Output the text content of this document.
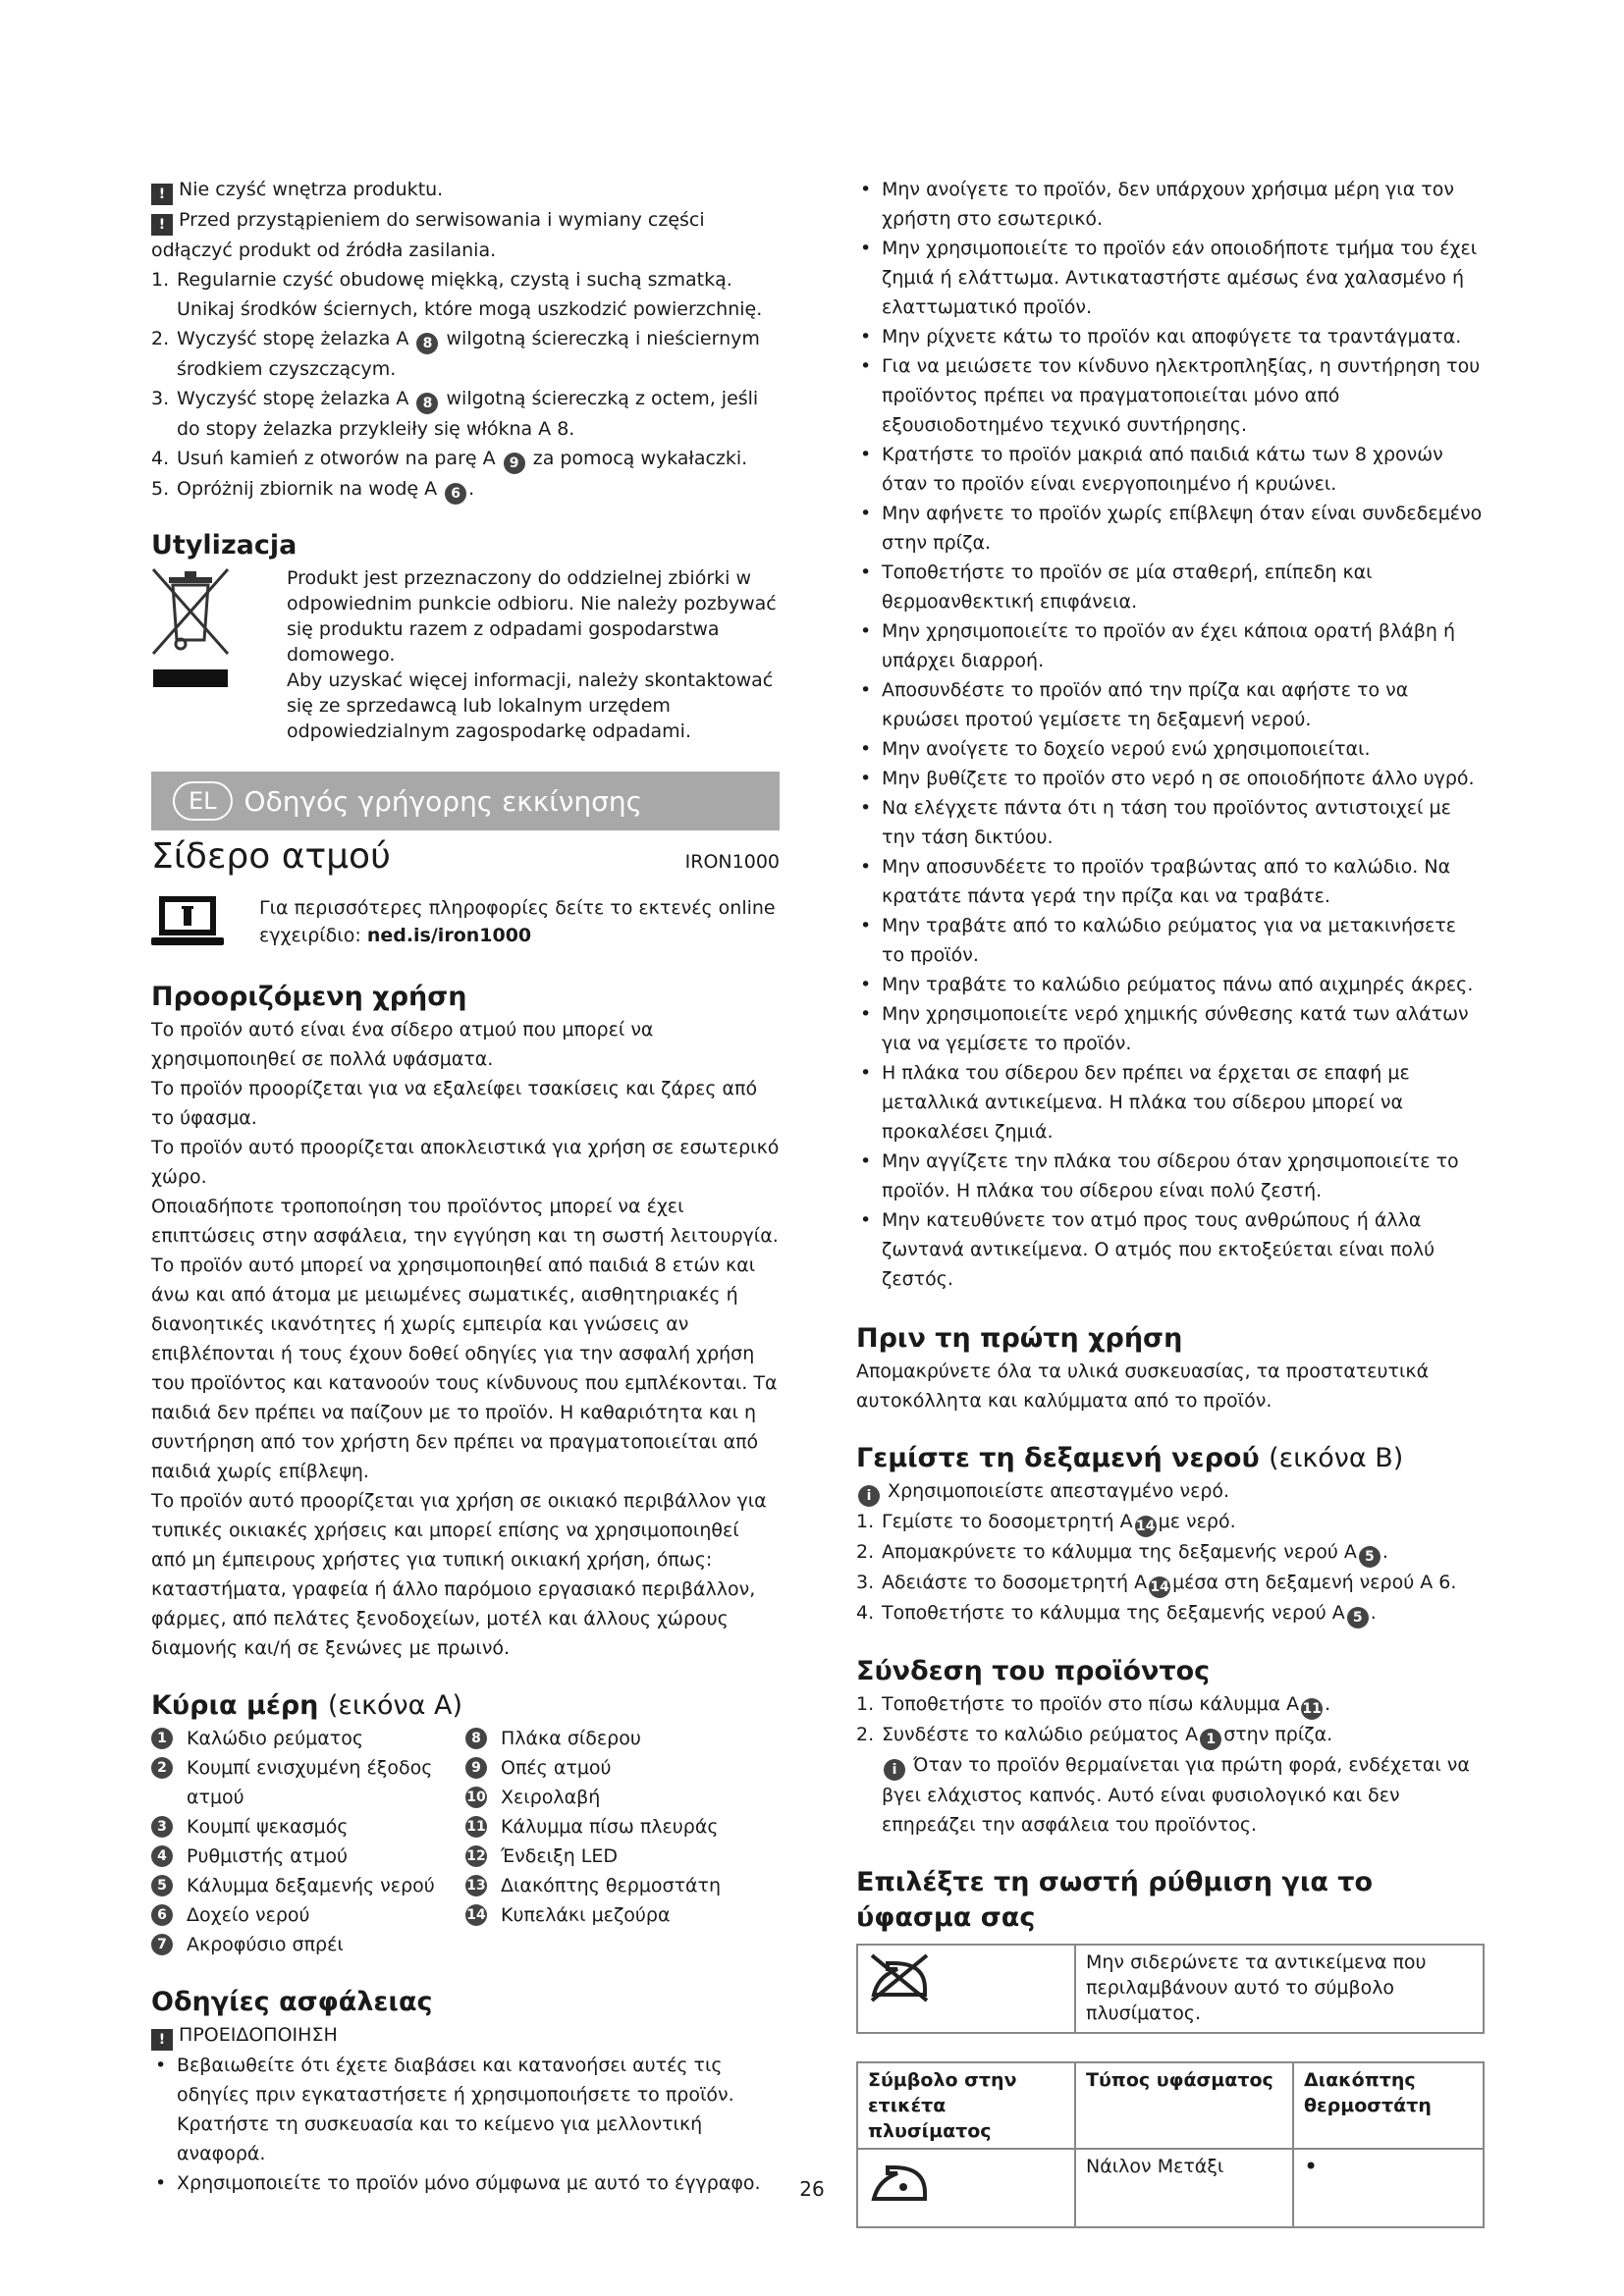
! Nie czyść wnętrza produktu.

! Przed przystąpieniem do serwisowania i wymiany części odłączyć produkt od źródła zasilania.

1. Regularnie czyść obudowę miękką, czystą i suchą szmatką. Unikaj środków ściernych, które mogą uszkodzić powierzchnię.
2. Wyczyść stopę żelazka A 8 wilgotną ściereczką i nieściernym środkiem czyszczącym.
3. Wyczyść stopę żelazka A 8 wilgotną ściereczką z octem, jeśli do stopy żelazka przykleiły się włókna A 8.
4. Usuń kamień z otworów na parę A 9 za pomocą wykałaczki.
5. Opróżnij zbiornik na wodę A 6 .
Utylizacja

Produkt jest przeznaczony do oddzielnej zbiórki w odpowiednim punkcie odbioru. Nie należy pozbywać się produktu razem z odpadami gospodarstwa domowego.

Aby uzyskać więcej informacji, należy skontaktować się ze sprzedawcą lub lokalnym urzędem odpowiedzialnym zagospodarkę odpadami.

EL	Οδηγός γρήγορης εκκίνησης
Σίδερο ατμού	IRON1000

Για περισσότερες πληροφορίες δείτε το εκτενές online εγχειρίδιο: ned.is/iron1000

Προοριζόμενη χρήση

Το προϊόν αυτό είναι ένα σίδερο ατμού που μπορεί να χρησιμοποιηθεί σε πολλά υφάσματα.

Το προϊόν προορίζεται για να εξαλείφει τσακίσεις και ζάρες από το ύφασμα.

Το προϊόν αυτό προορίζεται αποκλειστικά για χρήση σε εσωτερικό χώρο.

Οποιαδήποτε τροποποίηση του προϊόντος μπορεί να έχει επιπτώσεις στην ασφάλεια, την εγγύηση και τη σωστή λειτουργία.

Το προϊόν αυτό μπορεί να χρησιμοποιηθεί από παιδιά 8 ετών και άνω και από άτομα με μειωμένες σωματικές, αισθητηριακές ή διανοητικές ικανότητες ή χωρίς εμπειρία και γνώσεις αν επιβλέπονται ή τους έχουν δοθεί οδηγίες για την ασφαλή χρήση του προϊόντος και κατανοούν τους κίνδυνους που εμπλέκονται. Τα παιδιά δεν πρέπει να παίζουν με το προϊόν. Η καθαριότητα και η συντήρηση από τον χρήστη δεν πρέπει να πραγματοποιείται από παιδιά χωρίς επίβλεψη.

Το προϊόν αυτό προορίζεται για χρήση σε οικιακό περιβάλλον για τυπικές οικιακές χρήσεις και μπορεί επίσης να χρησιμοποιηθεί από μη έμπειρους χρήστες για τυπική οικιακή χρήση, όπως: καταστήματα, γραφεία ή άλλο παρόμοιο εργασιακό περιβάλλον, φάρμες, από πελάτες ξενοδοχείων, μοτέλ και άλλους χώρους διαμονής και/ή σε ξενώνες με πρωινό.

Κύρια μέρη (εικόνα A)
1	Καλώδιο ρεύματος
2	Κουμπί ενισχυμένη έξοδος ατμού
3	Κουμπί ψεκασμός
4	Ρυθμιστής ατμού
5	Κάλυμμα δεξαμενής νερού
6	Δοχείο νερού
7	Ακροφύσιο σπρέι
8	Πλάκα σίδερου
9	Οπές ατμού
10 Χειρολαβή
11 Κάλυμμα πίσω πλευράς
12 Ένδειξη LED
13 Διακόπτης θερμοστάτη
14 Κυπελάκι μεζούρα
Οδηγίες ασφάλειας

! ΠΡΟΕΙΔΟΠΟΙΗΣΗ

• Βεβαιωθείτε ότι έχετε διαβάσει και κατανοήσει αυτές τις οδηγίες πριν εγκαταστήσετε ή χρησιμοποιήσετε το προϊόν. Κρατήστε τη συσκευασία και το κείμενο για μελλοντική αναφορά.
• Χρησιμοποιείτε το προϊόν μόνο σύμφωνα με αυτό το έγγραφο.
• Μην ανοίγετε το προϊόν, δεν υπάρχουν χρήσιμα μέρη για τον χρήστη στο εσωτερικό.
• Μην χρησιμοποιείτε το προϊόν εάν οποιοδήποτε τμήμα του έχει ζημιά ή ελάττωμα. Αντικαταστήστε αμέσως ένα χαλασμένο ή ελαττωματικό προϊόν.
• Μην ρίχνετε κάτω το προϊόν και αποφύγετε τα τραντάγματα.
• Για να μειώσετε τον κίνδυνο ηλεκτροπληξίας, η συντήρηση του προϊόντος πρέπει να πραγματοποιείται μόνο από εξουσιοδοτημένο τεχνικό συντήρησης.
• Κρατήστε το προϊόν μακριά από παιδιά κάτω των 8 χρονών όταν το προϊόν είναι ενεργοποιημένο ή κρυώνει.
• Μην αφήνετε το προϊόν χωρίς επίβλεψη όταν είναι συνδεδεμένο στην πρίζα.
• Τοποθετήστε το προϊόν σε μία σταθερή, επίπεδη και θερμοανθεκτική επιφάνεια.
• Μην χρησιμοποιείτε το προϊόν αν έχει κάποια ορατή βλάβη ή υπάρχει διαρροή.
• Αποσυνδέστε το προϊόν από την πρίζα και αφήστε το να κρυώσει προτού γεμίσετε τη δεξαμενή νερού.
• Μην ανοίγετε το δοχείο νερού ενώ χρησιμοποιείται.
• Μην βυθίζετε το προϊόν στο νερό η σε οποιοδήποτε άλλο υγρό.
• Να ελέγχετε πάντα ότι η τάση του προϊόντος αντιστοιχεί με την τάση δικτύου.
• Μην αποσυνδέετε το προϊόν τραβώντας από το καλώδιο. Να κρατάτε πάντα γερά την πρίζα και να τραβάτε.
• Μην τραβάτε από το καλώδιο ρεύματος για να μετακινήσετε το προϊόν.
• Μην τραβάτε το καλώδιο ρεύματος πάνω από αιχμηρές άκρες.
• Μην χρησιμοποιείτε νερό χημικής σύνθεσης κατά των αλάτων για να γεμίσετε το προϊόν.
• Η πλάκα του σίδερου δεν πρέπει να έρχεται σε επαφή με μεταλλικά αντικείμενα. Η πλάκα του σίδερου μπορεί να προκαλέσει ζημιά.
• Μην αγγίζετε την πλάκα του σίδερου όταν χρησιμοποιείτε το προϊόν. Η πλάκα του σίδερου είναι πολύ ζεστή.
• Μην κατευθύνετε τον ατμό προς τους ανθρώπους ή άλλα ζωντανά αντικείμενα. Ο ατμός που εκτοξεύεται είναι πολύ ζεστός.
Πριν τη πρώτη χρήση

Απομακρύνετε όλα τα υλικά συσκευασίας, τα προστατευτικά αυτοκόλλητα και καλύμματα από το προϊόν.

Γεμίστε τη δεξαμενή νερού (εικόνα B)

i Χρησιμοποιείστε απεσταγμένο νερό.

1. Γεμίστε το δοσομετρητή A 14 με νερό.
2. Απομακρύνετε το κάλυμμα της δεξαμενής νερού A 5 .
3. Αδειάστε το δοσομετρητή A 14 μέσα στη δεξαμενή νερού A 6.
4. Τοποθετήστε το κάλυμμα της δεξαμενής νερού A 5 .
Σύνδεση του προϊόντος
1. Τοποθετήστε το προϊόν στο πίσω κάλυμμα A 11 .
2. Συνδέστε το καλώδιο ρεύματος A 1 στην πρίζα.

i Όταν το προϊόν θερμαίνεται για πρώτη φορά, ενδέχεται να βγει ελάχιστος καπνός. Αυτό είναι φυσιολογικό και δεν επηρεάζει την ασφάλεια του προϊόντος.

Επιλέξτε τη σωστή ρύθμιση για το ύφασμα σας
	Μην σιδερώνετε τα αντικείμενα που περιλαμβάνουν αυτό το σύμβολο πλυσίματος.
Σύμβολο στην ετικέτα πλυσίματος	Τύπος υφάσματος	Διακόπτης θερμοστάτη
	Νάιλον Μετάξι	•
26
